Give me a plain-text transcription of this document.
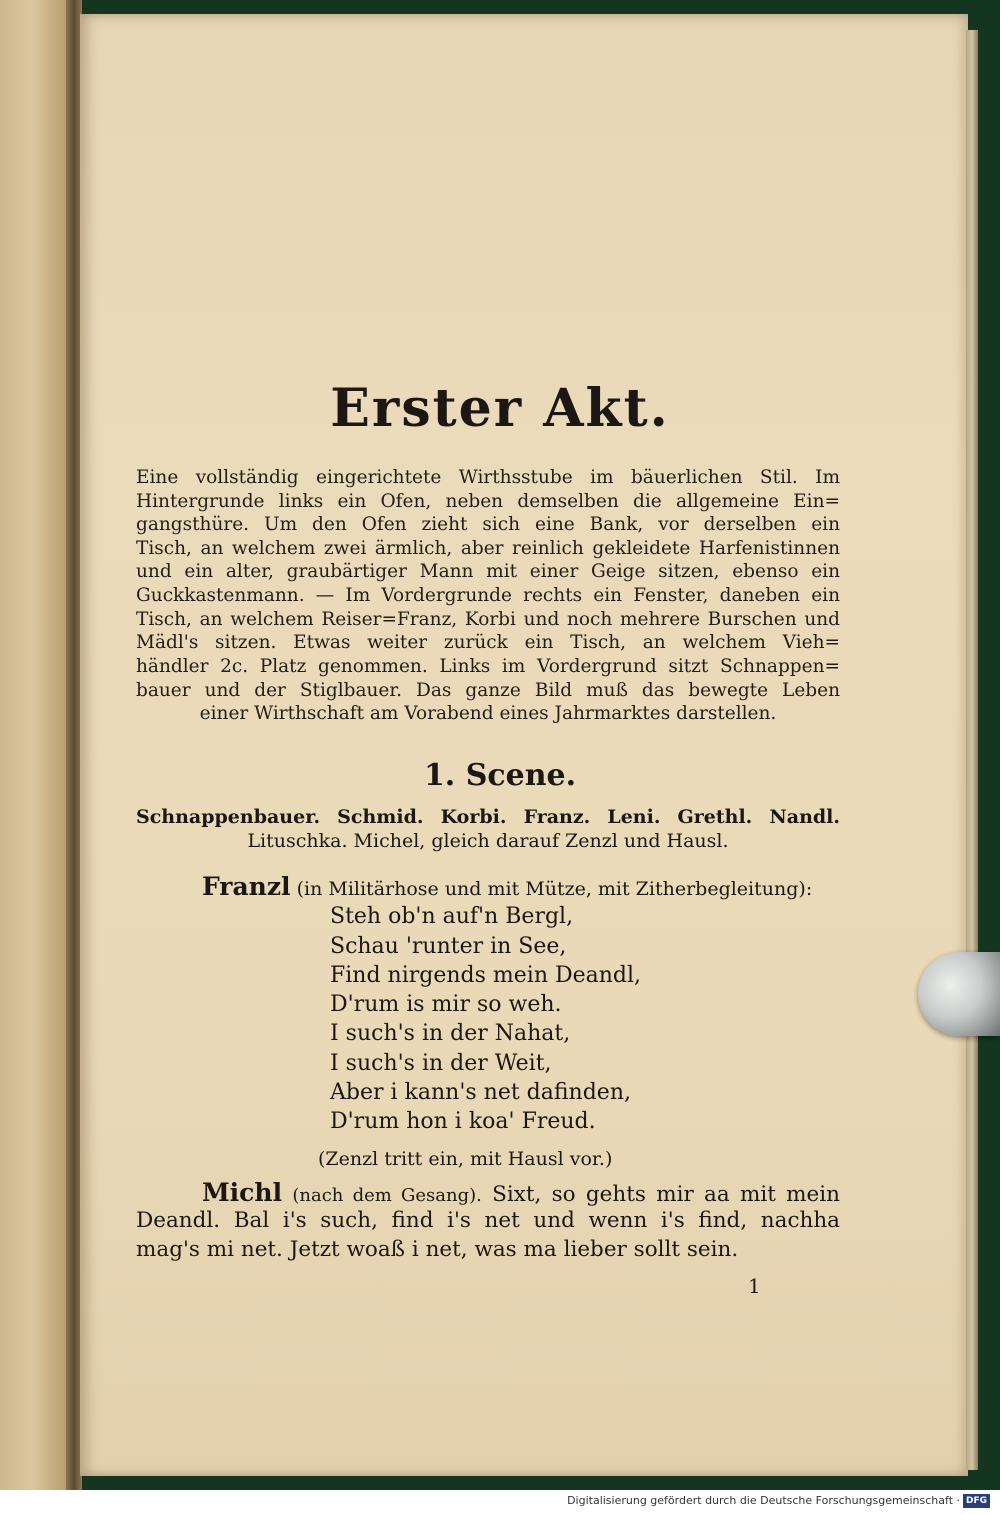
Erster Akt.
Eine vollständig eingerichtete Wirthsstube im bäuerlichen Stil. Im
Hintergrunde links ein Ofen, neben demselben die allgemeine Ein=
gangsthüre. Um den Ofen zieht sich eine Bank, vor derselben ein
Tisch, an welchem zwei ärmlich, aber reinlich gekleidete Harfenistinnen
und ein alter, graubärtiger Mann mit einer Geige sitzen, ebenso ein
Guckkastenmann. — Im Vordergrunde rechts ein Fenster, daneben ein
Tisch, an welchem Reiser=Franz, Korbi und noch mehrere Burschen und
Mädl's sitzen. Etwas weiter zurück ein Tisch, an welchem Vieh=
händler 2c. Platz genommen. Links im Vordergrund sitzt Schnappen=
bauer und der Stiglbauer. Das ganze Bild muß das bewegte Leben
einer Wirthschaft am Vorabend eines Jahrmarktes darstellen.
1. Scene.
Schnappenbauer. Schmid. Korbi. Franz. Leni. Grethl. Nandl.
Lituschka. Michel, gleich darauf Zenzl und Hausl.
Franzl (in Militärhose und mit Mütze, mit Zitherbegleitung):
Steh ob'n auf'n Bergl,
Schau 'runter in See,
Find nirgends mein Deandl,
D'rum is mir so weh.
I such's in der Nahat,
I such's in der Weit,
Aber i kann's net dafinden,
D'rum hon i koa' Freud.
(Zenzl tritt ein, mit Hausl vor.)
Michl (nach dem Gesang). Sixt, so gehts mir aa mit mein
Deandl. Bal i's such, find i's net und wenn i's find, nachha
mag's mi net. Jetzt woaß i net, was ma lieber sollt sein.
1
Digitalisierung gefördert durch die Deutsche Forschungsgemeinschaft · DFG
